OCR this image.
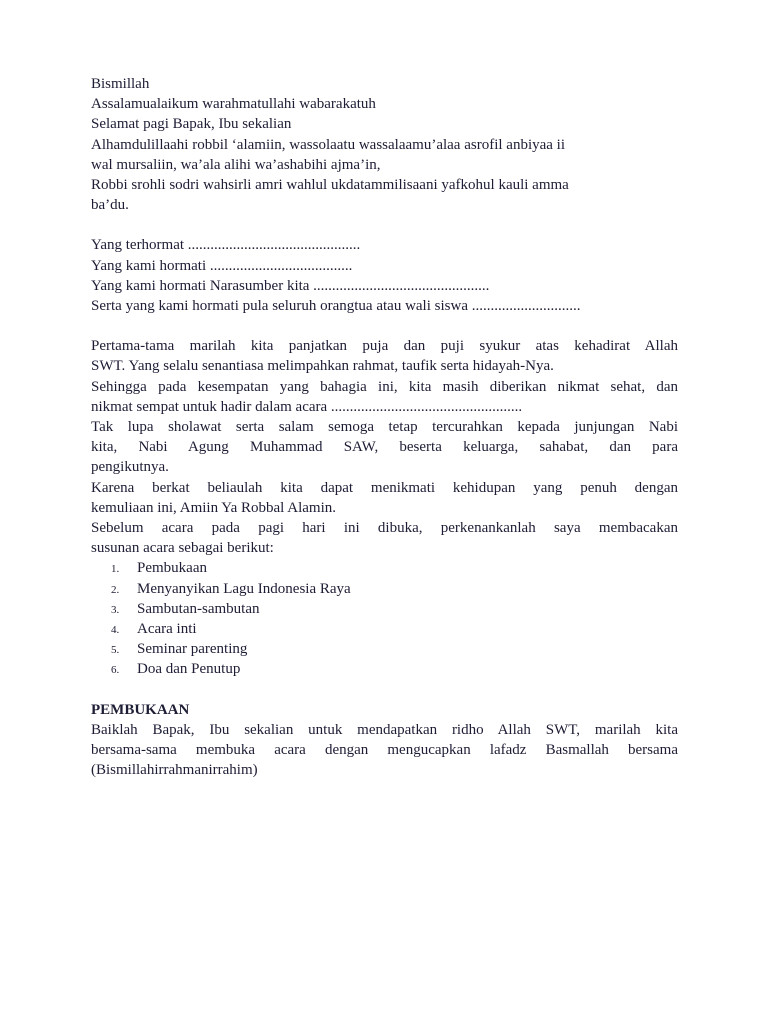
Bismillah
Assalamualaikum warahmatullahi wabarakatuh
Selamat pagi Bapak, Ibu sekalian
Alhamdulillaahi robbil ‘alamiin, wassolaatu wassalaamu’alaa asrofil anbiyaa ii
wal mursaliin, wa’ala alihi wa’ashabihi ajma’in,
Robbi srohli sodri wahsirli amri wahlul ukdatammilisaani yafkohul kauli amma
ba’du.
Yang terhormat ..............................................
Yang kami hormati ......................................
Yang kami hormati Narasumber kita ...............................................
Serta yang kami hormati pula seluruh orangtua atau wali siswa .............................
Pertama-tama marilah kita panjatkan puja dan puji syukur atas kehadirat Allah
SWT. Yang selalu senantiasa melimpahkan rahmat, taufik serta hidayah-Nya.
Sehingga pada kesempatan yang bahagia ini, kita masih diberikan nikmat sehat, dan
nikmat sempat untuk hadir dalam acara ...................................................
Tak lupa sholawat serta salam semoga tetap tercurahkan kepada junjungan Nabi
kita, Nabi Agung Muhammad SAW, beserta keluarga, sahabat, dan para
pengikutnya.
Karena berkat beliaulah kita dapat menikmati kehidupan yang penuh dengan
kemuliaan ini, Amiin Ya Robbal Alamin.
Sebelum acara pada pagi hari ini dibuka, perkenankanlah saya membacakan
susunan acara sebagai berikut:
1. Pembukaan
2. Menyanyikan Lagu Indonesia Raya
3. Sambutan-sambutan
4. Acara inti
5. Seminar parenting
6. Doa dan Penutup
PEMBUKAAN
Baiklah Bapak, Ibu sekalian untuk mendapatkan ridho Allah SWT, marilah kita
bersama-sama membuka acara dengan mengucapkan lafadz Basmallah bersama
(Bismillahirrahmanirrahim)
